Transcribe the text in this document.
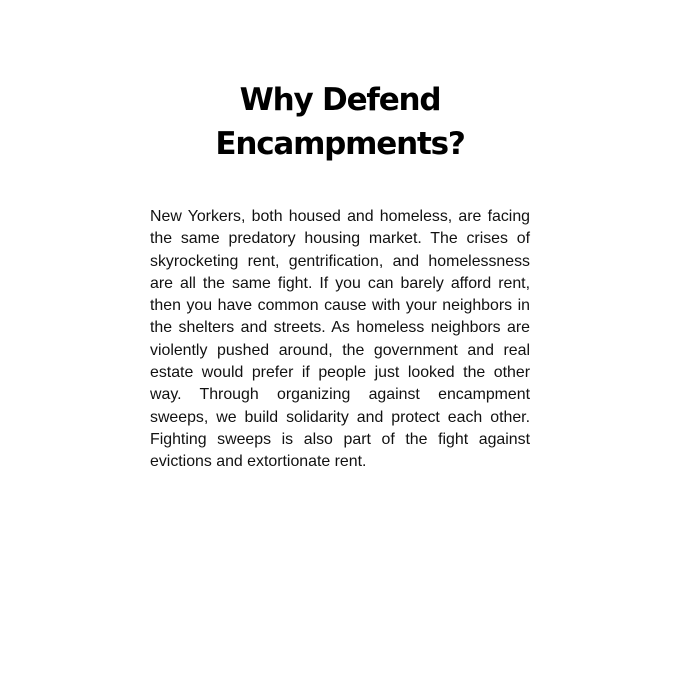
Why Defend
Encampments?

New Yorkers, both housed and homeless, are facing the same predatory housing market. The crises of skyrocketing rent, gentrification, and homelessness are all the same fight. If you can barely afford rent, then you have common cause with your neighbors in the shelters and streets. As homeless neighbors are violently pushed around, the government and real estate would prefer if people just looked the other way. Through organizing against encampment sweeps, we build solidarity and protect each other. Fighting sweeps is also part of the fight against evictions and extortionate rent.
